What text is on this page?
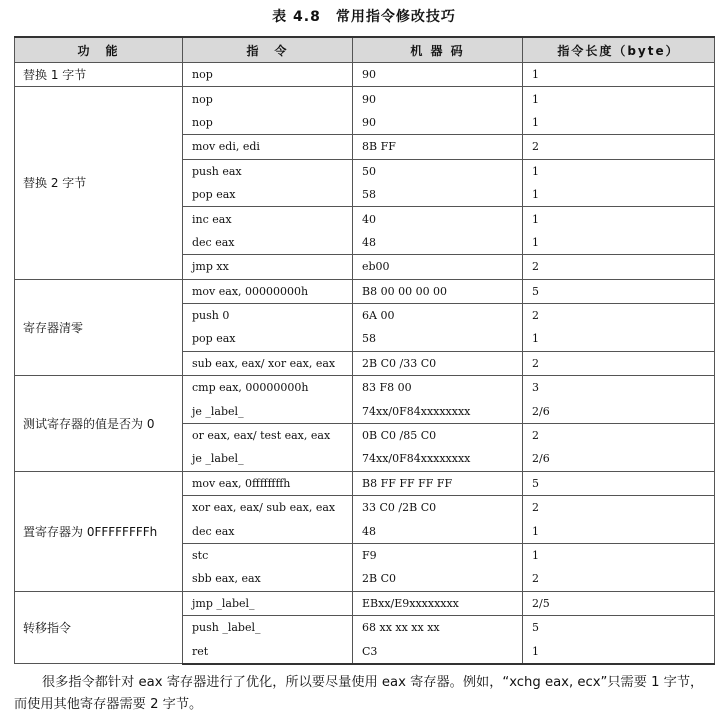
表 4.8　常用指令修改技巧
功　能	指　令	机 器 码	指令长度（byte）
替换 1 字节	nop	90	1
替换 2 字节	nop	90	1
	nop	90	1
	mov edi, edi	8B FF	2
	push eax	50	1
	pop eax	58	1
	inc eax	40	1
	dec eax	48	1
	jmp xx	eb00	2
寄存器清零	mov eax, 00000000h	B8 00 00 00 00	5
	push 0	6A 00	2
	pop eax	58	1
	sub eax, eax/ xor eax, eax	2B C0 /33 C0	2
测试寄存器的值是否为 0	cmp eax, 00000000h	83 F8 00	3
	je _label_	74xx/0F84xxxxxxxx	2/6
	or eax, eax/ test eax, eax	0B C0 /85 C0	2
	je _label_	74xx/0F84xxxxxxxx	2/6
置寄存器为 0FFFFFFFFh	mov eax, 0ffffffffh	B8 FF FF FF FF	5
	xor eax, eax/ sub eax, eax	33 C0 /2B C0	2
	dec eax	48	1
	stc	F9	1
	sbb eax, eax	2B C0	2
转移指令	jmp _label_	EBxx/E9xxxxxxxx	2/5
	push _label_	68 xx xx xx xx	5
	ret	C3	1
很多指令都针对 eax 寄存器进行了优化，所以要尽量使用 eax 寄存器。例如，“xchg eax, ecx”只需要 1 字节，而使用其他寄存器需要 2 字节。
